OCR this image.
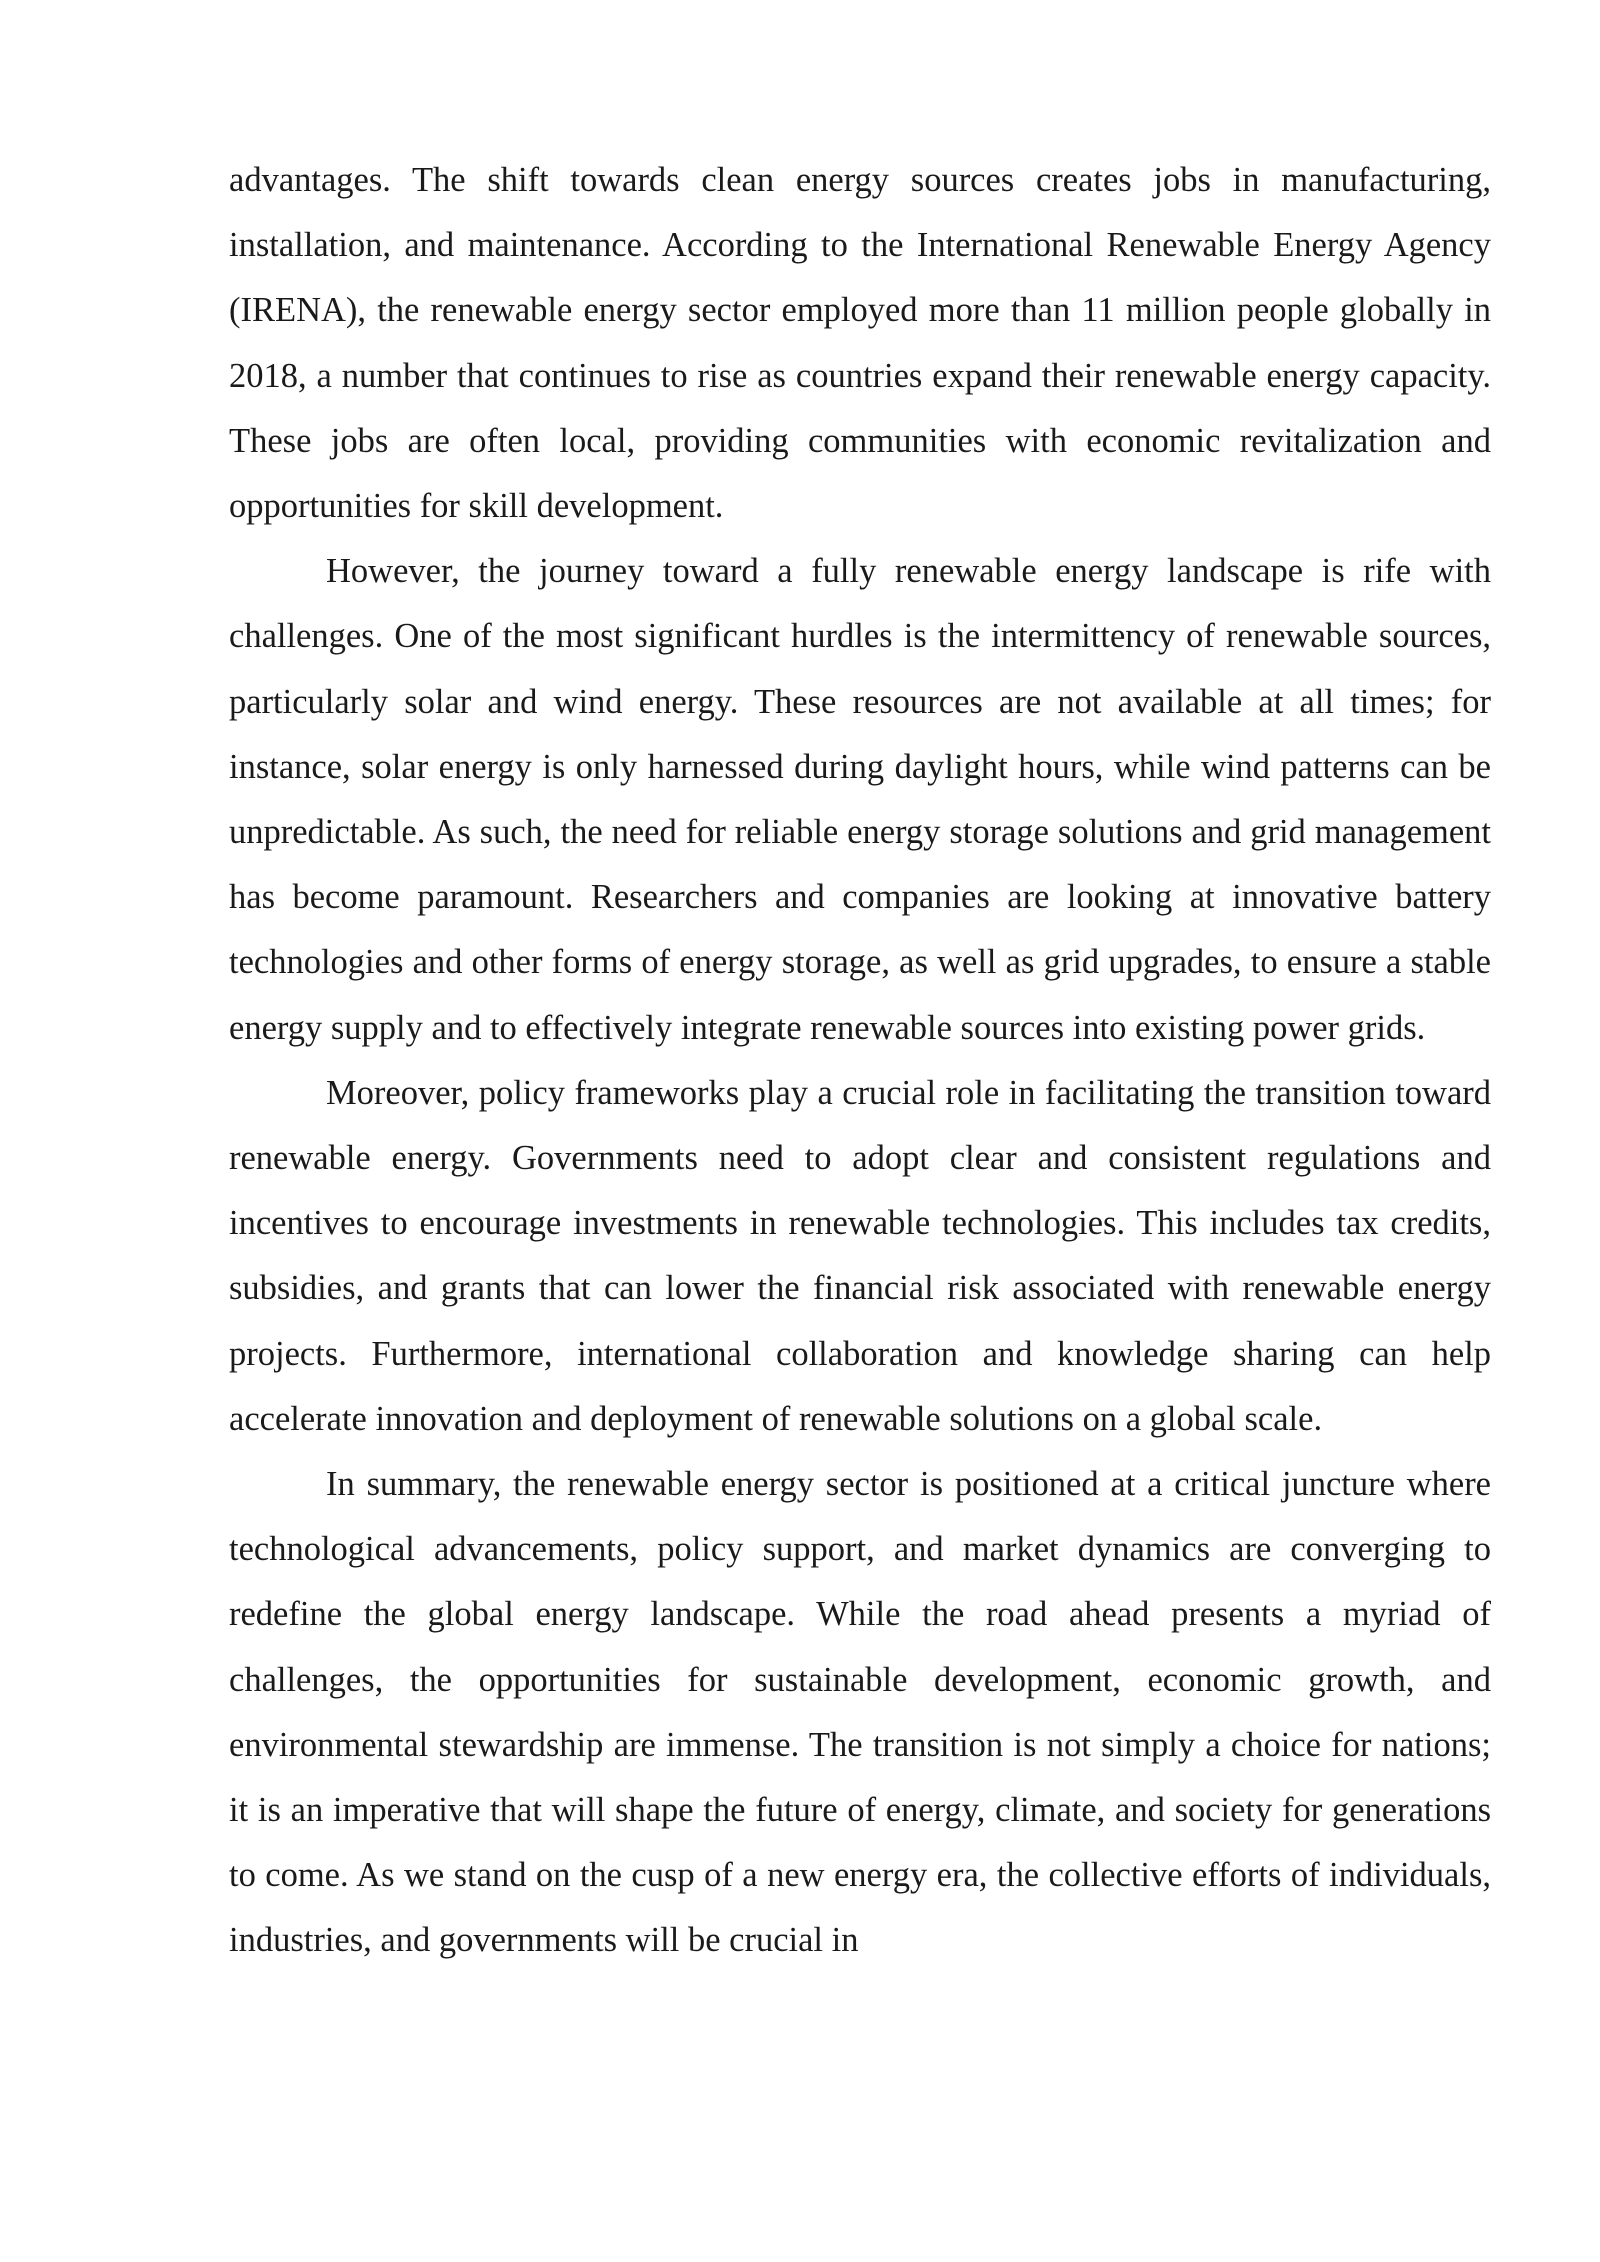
advantages. The shift towards clean energy sources creates jobs in manufacturing, installation, and maintenance. According to the International Renewable Energy Agency (IRENA), the renewable energy sector employed more than 11 million people globally in 2018, a number that continues to rise as countries expand their renewable energy capacity. These jobs are often local, providing communities with economic revitalization and opportunities for skill development.

However, the journey toward a fully renewable energy landscape is rife with challenges. One of the most significant hurdles is the intermittency of renewable sources, particularly solar and wind energy. These resources are not available at all times; for instance, solar energy is only harnessed during daylight hours, while wind patterns can be unpredictable. As such, the need for reliable energy storage solutions and grid management has become paramount. Researchers and companies are looking at innovative battery technologies and other forms of energy storage, as well as grid upgrades, to ensure a stable energy supply and to effectively integrate renewable sources into existing power grids.

Moreover, policy frameworks play a crucial role in facilitating the transition toward renewable energy. Governments need to adopt clear and consistent regulations and incentives to encourage investments in renewable technologies. This includes tax credits, subsidies, and grants that can lower the financial risk associated with renewable energy projects. Furthermore, international collaboration and knowledge sharing can help accelerate innovation and deployment of renewable solutions on a global scale.

In summary, the renewable energy sector is positioned at a critical juncture where technological advancements, policy support, and market dynamics are converging to redefine the global energy landscape. While the road ahead presents a myriad of challenges, the opportunities for sustainable development, economic growth, and environmental stewardship are immense. The transition is not simply a choice for nations; it is an imperative that will shape the future of energy, climate, and society for generations to come. As we stand on the cusp of a new energy era, the collective efforts of individuals, industries, and governments will be crucial in
